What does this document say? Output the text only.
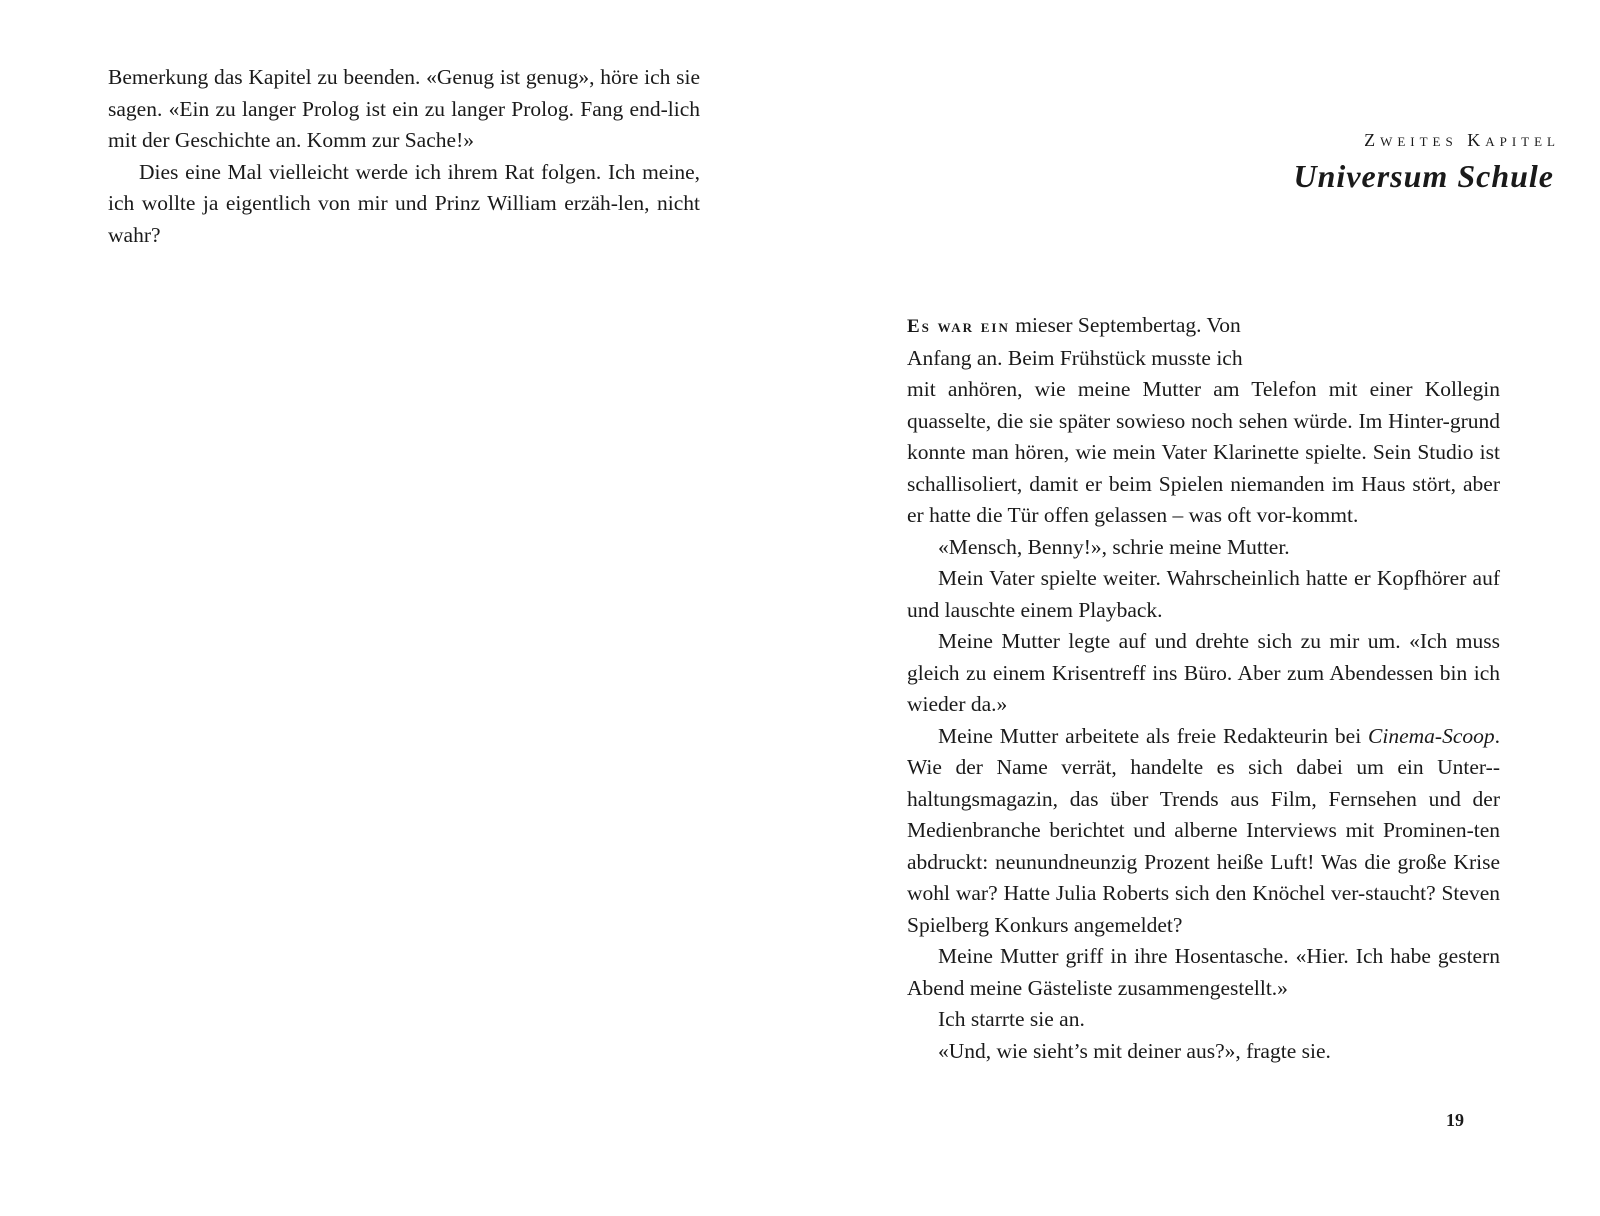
Bemerkung das Kapitel zu beenden. «Genug ist genug», höre ich sie sagen. «Ein zu langer Prolog ist ein zu langer Prolog. Fang end-lich mit der Geschichte an. Komm zur Sache!»

Dies eine Mal vielleicht werde ich ihrem Rat folgen. Ich meine, ich wollte ja eigentlich von mir und Prinz William erzäh-len, nicht wahr?

Zweites Kapitel
Universum Schule
Es war ein mieser Septembertag. Von
Anfang an. Beim Frühstück musste ich

mit anhören, wie meine Mutter am Telefon mit einer Kollegin quasselte, die sie später sowieso noch sehen würde. Im Hinter-grund konnte man hören, wie mein Vater Klarinette spielte. Sein Studio ist schallisoliert, damit er beim Spielen niemanden im Haus stört, aber er hatte die Tür offen gelassen – was oft vor-kommt.

«Mensch, Benny!», schrie meine Mutter.

Mein Vater spielte weiter. Wahrscheinlich hatte er Kopfhörer auf und lauschte einem Playback.

Meine Mutter legte auf und drehte sich zu mir um. «Ich muss gleich zu einem Krisentreff ins Büro. Aber zum Abendessen bin ich wieder da.»

Meine Mutter arbeitete als freie Redakteurin bei Cinema-Scoop. Wie der Name verrät, handelte es sich dabei um ein Unter-haltungsmagazin, das über Trends aus Film, Fernsehen und der Medienbranche berichtet und alberne Interviews mit Prominen-ten abdruckt: neunundneunzig Prozent heiße Luft! Was die große Krise wohl war? Hatte Julia Roberts sich den Knöchel ver-staucht? Steven Spielberg Konkurs angemeldet?

Meine Mutter griff in ihre Hosentasche. «Hier. Ich habe gestern Abend meine Gästeliste zusammengestellt.»

Ich starrte sie an.

«Und, wie sieht’s mit deiner aus?», fragte sie.

19
